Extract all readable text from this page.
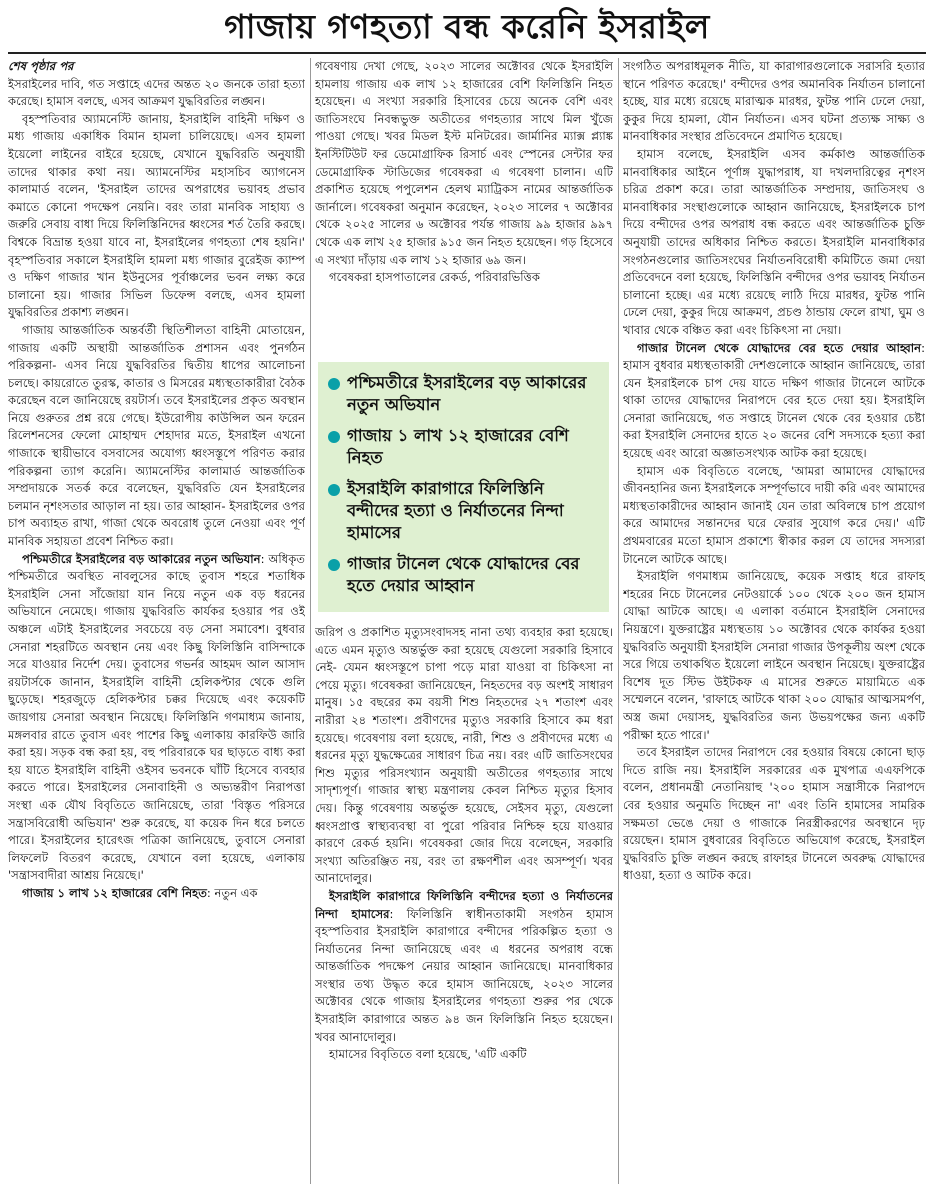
গাজায় গণহত্যা বন্ধ করেনি ইসরাইল

শেষ পৃষ্ঠার পর

ইসরাইলের দাবি, গত সপ্তাহে এদের অন্তত ২০ জনকে তারা হত্যা করেছে। হামাস বলছে, এসব আক্রমণ যুদ্ধবিরতির লঙ্ঘন।

বৃহস্পতিবার অ্যামনেস্টি জানায়, ইসরাইলি বাহিনী দক্ষিণ ও মধ্য গাজায় একাধিক বিমান হামলা চালিয়েছে। এসব হামলা ইয়েলো লাইনের বাইরে হয়েছে, যেখানে যুদ্ধবিরতি অনুযায়ী তাদের থাকার কথা নয়। অ্যামনেস্টির মহাসচিব অ্যাগনেস কালামার্ড বলেন, 'ইসরাইল তাদের অপরাধের ভয়াবহ প্রভাব কমাতে কোনো পদক্ষেপ নেয়নি। বরং তারা মানবিক সাহায্য ও জরুরি সেবায় বাধা দিয়ে ফিলিস্তিনিদের ধ্বংসের শর্ত তৈরি করছে। বিশ্বকে বিভ্রান্ত হওয়া যাবে না, ইসরাইলের গণহত্যা শেষ হয়নি।' বৃহস্পতিবার সকালে ইসরাইলি হামলা মধ্য গাজার বুরেইজ ক্যাম্প ও দক্ষিণ গাজার খান ইউনুসের পূর্বাঞ্চলের ভবন লক্ষ্য করে চালানো হয়। গাজার সিভিল ডিফেন্স বলছে, এসব হামলা যুদ্ধবিরতির প্রকাশ্য লঙ্ঘন।

গাজায় আন্তর্জাতিক অন্তর্বর্তী স্থিতিশীলতা বাহিনী মোতায়েন, গাজায় একটি অস্থায়ী আন্তর্জাতিক প্রশাসন এবং পুনর্গঠন পরিকল্পনা- এসব নিয়ে যুদ্ধবিরতির দ্বিতীয় ধাপের আলোচনা চলছে। কায়রোতে তুরস্ক, কাতার ও মিসরের মধ্যস্থতাকারীরা বৈঠক করেছেন বলে জানিয়েছে রয়টার্স। তবে ইসরাইলের প্রকৃত অবস্থান নিয়ে গুরুতর প্রশ্ন রয়ে গেছে। ইউরোপীয় কাউন্সিল অন ফরেন রিলেশনসের ফেলো মোহাম্মদ শেহাদার মতে, ইসরাইল এখনো গাজাকে স্থায়ীভাবে বসবাসের অযোগ্য ধ্বংসস্তূপে পরিণত করার পরিকল্পনা ত্যাগ করেনি। অ্যামনেস্টির কালামার্ড আন্তর্জাতিক সম্প্রদায়কে সতর্ক করে বলেছেন, যুদ্ধবিরতি যেন ইসরাইলের চলমান নৃশংসতার আড়াল না হয়। তার আহ্বান- ইসরাইলের ওপর চাপ অব্যাহত রাখা, গাজা থেকে অবরোধ তুলে নেওয়া এবং পূর্ণ মানবিক সহায়তা প্রবেশ নিশ্চিত করা।

পশ্চিমতীরে ইসরাইলের বড় আকারের নতুন অভিযান: অধিকৃত পশ্চিমতীরে অবস্থিত নাবলুসের কাছে তুবাস শহরে শতাধিক ইসরাইলি সেনা সাঁজোয়া যান নিয়ে নতুন এক বড় ধরনের অভিযানে নেমেছে। গাজায় যুদ্ধবিরতি কার্যকর হওয়ার পর ওই অঞ্চলে এটাই ইসরাইলের সবচেয়ে বড় সেনা সমাবেশ। বুধবার সেনারা শহরটিতে অবস্থান নেয় এবং কিছু ফিলিস্তিনি বাসিন্দাকে সরে যাওয়ার নির্দেশ দেয়। তুবাসের গভর্নর আহমদ আল আসাদ রয়টার্সকে জানান, ইসরাইলি বাহিনী হেলিকপ্টার থেকে গুলি ছুড়েছে। শহরজুড়ে হেলিকপ্টার চক্কর দিয়েছে এবং কয়েকটি জায়গায় সেনারা অবস্থান নিয়েছে। ফিলিস্তিনি গণমাধ্যম জানায়, মঙ্গলবার রাতে তুবাস এবং পাশের কিছু এলাকায় কারফিউ জারি করা হয়। সড়ক বন্ধ করা হয়, বহু পরিবারকে ঘর ছাড়তে বাধ্য করা হয় যাতে ইসরাইলি বাহিনী ওইসব ভবনকে ঘাঁটি হিসেবে ব্যবহার করতে পারে। ইসরাইলের সেনাবাহিনী ও অভ্যন্তরীণ নিরাপত্তা সংস্থা এক যৌথ বিবৃতিতে জানিয়েছে, তারা 'বিস্তৃত পরিসরে সন্ত্রাসবিরোধী অভিযান' শুরু করেছে, যা কয়েক দিন ধরে চলতে পারে। ইসরাইলের হারেৎজ পত্রিকা জানিয়েছে, তুবাসে সেনারা লিফলেট বিতরণ করেছে, যেখানে বলা হয়েছে, এলাকায় 'সন্ত্রাসবাদীরা আশ্রয় নিয়েছে।'

গাজায় ১ লাখ ১২ হাজারের বেশি নিহত: নতুন এক

গবেষণায় দেখা গেছে, ২০২৩ সালের অক্টোবর থেকে ইসরাইলি হামলায় গাজায় এক লাখ ১২ হাজারের বেশি ফিলিস্তিনি নিহত হয়েছেন। এ সংখ্যা সরকারি হিসাবের চেয়ে অনেক বেশি এবং জাতিসংঘে নিবন্ধভুক্ত অতীতের গণহত্যার সাথে মিল খুঁজে পাওয়া গেছে। খবর মিডল ইস্ট মনিটরের। জার্মানির ম্যাক্স প্ল্যাঙ্ক ইনস্টিটিউট ফর ডেমোগ্রাফিক রিসার্চ এবং স্পেনের সেন্টার ফর ডেমোগ্রাফিক স্টাডিজের গবেষকরা এ গবেষণা চালান। এটি প্রকাশিত হয়েছে পপুলেশন হেলথ ম্যাট্রিকস নামের আন্তর্জাতিক জার্নালে। গবেষকরা অনুমান করেছেন, ২০২৩ সালের ৭ অক্টোবর থেকে ২০২৫ সালের ৬ অক্টোবর পর্যন্ত গাজায় ৯৯ হাজার ৯৯৭ থেকে এক লাখ ২৫ হাজার ৯১৫ জন নিহত হয়েছেন। গড় হিসেবে এ সংখ্যা দাঁড়ায় এক লাখ ১২ হাজার ৬৯ জন।

গবেষকরা হাসপাতালের রেকর্ড, পরিবারভিত্তিক

পশ্চিমতীরে ইসরাইলের বড় আকারের নতুন অভিযান
গাজায় ১ লাখ ১২ হাজারের বেশি নিহত
ইসরাইলি কারাগারে ফিলিস্তিনি বন্দীদের হত্যা ও নির্যাতনের নিন্দা হামাসের
গাজার টানেল থেকে যোদ্ধাদের বের হতে দেয়ার আহ্বান

জরিপ ও প্রকাশিত মৃত্যুসংবাদসহ নানা তথ্য ব্যবহার করা হয়েছে। এতে এমন মৃত্যুও অন্তর্ভুক্ত করা হয়েছে যেগুলো সরকারি হিসাবে নেই- যেমন ধ্বংসস্তূপে চাপা পড়ে মারা যাওয়া বা চিকিৎসা না পেয়ে মৃত্যু। গবেষকরা জানিয়েছেন, নিহতদের বড় অংশই সাধারণ মানুষ। ১৫ বছরের কম বয়সী শিশু নিহতদের ২৭ শতাংশ এবং নারীরা ২৪ শতাংশ। প্রবীণদের মৃত্যুও সরকারি হিসাবে কম ধরা হয়েছে। গবেষণায় বলা হয়েছে, নারী, শিশু ও প্রবীণদের মধ্যে এ ধরনের মৃত্যু যুদ্ধক্ষেত্রের সাধারণ চিত্র নয়। বরং এটি জাতিসংঘের শিশু মৃত্যুর পরিসংখ্যান অনুযায়ী অতীতের গণহত্যার সাথে সাদৃশ্যপূর্ণ। গাজার স্বাস্থ্য মন্ত্রণালয় কেবল নিশ্চিত মৃত্যুর হিসাব দেয়। কিন্তু গবেষণায় অন্তর্ভুক্ত হয়েছে, সেইসব মৃত্যু, যেগুলো ধ্বংসপ্রাপ্ত স্বাস্থ্যব্যবস্থা বা পুরো পরিবার নিশ্চিহ্ন হয়ে যাওয়ার কারণে রেকর্ড হয়নি। গবেষকরা জোর দিয়ে বলেছেন, সরকারি সংখ্যা অতিরঞ্জিত নয়, বরং তা রক্ষণশীল এবং অসম্পূর্ণ। খবর আনাদোলুর।

ইসরাইলি কারাগারে ফিলিস্তিনি বন্দীদের হত্যা ও নির্যাতনের নিন্দা হামাসের: ফিলিস্তিনি স্বাধীনতাকামী সংগঠন হামাস বৃহস্পতিবার ইসরাইলি কারাগারে বন্দীদের পরিকল্পিত হত্যা ও নির্যাতনের নিন্দা জানিয়েছে এবং এ ধরনের অপরাধ বন্ধে আন্তর্জাতিক পদক্ষেপ নেয়ার আহ্বান জানিয়েছে। মানবাধিকার সংস্থার তথ্য উদ্ধৃত করে হামাস জানিয়েছে, ২০২৩ সালের অক্টোবর থেকে গাজায় ইসরাইলের গণহত্যা শুরুর পর থেকে ইসরাইলি কারাগারে অন্তত ৯৪ জন ফিলিস্তিনি নিহত হয়েছেন। খবর আনাদোলুর।

হামাসের বিবৃতিতে বলা হয়েছে, 'এটি একটি

সংগঠিত অপরাধমূলক নীতি, যা কারাগারগুলোকে সরাসরি হত্যার স্থানে পরিণত করেছে।' বন্দীদের ওপর অমানবিক নির্যাতন চালানো হচ্ছে, যার মধ্যে রয়েছে মারাত্মক মারধর, ফুটন্ত পানি ঢেলে দেয়া, কুকুর দিয়ে হামলা, যৌন নির্যাতন। এসব ঘটনা প্রত্যক্ষ সাক্ষ্য ও মানবাধিকার সংস্থার প্রতিবেদনে প্রমাণিত হয়েছে।

হামাস বলেছে, ইসরাইলি এসব কর্মকাণ্ড আন্তর্জাতিক মানবাধিকার আইনে পূর্ণাঙ্গ যুদ্ধাপরাধ, যা দখলদারিত্বের নৃশংস চরিত্র প্রকাশ করে। তারা আন্তর্জাতিক সম্প্রদায়, জাতিসংঘ ও মানবাধিকার সংস্থাগুলোকে আহ্বান জানিয়েছে, ইসরাইলকে চাপ দিয়ে বন্দীদের ওপর অপরাধ বন্ধ করতে এবং আন্তর্জাতিক চুক্তি অনুযায়ী তাদের অধিকার নিশ্চিত করতে। ইসরাইলি মানবাধিকার সংগঠনগুলোর জাতিসংঘের নির্যাতনবিরোধী কমিটিতে জমা দেয়া প্রতিবেদনে বলা হয়েছে, ফিলিস্তিনি বন্দীদের ওপর ভয়াবহ নির্যাতন চালানো হচ্ছে। এর মধ্যে রয়েছে লাঠি দিয়ে মারধর, ফুটন্ত পানি ঢেলে দেয়া, কুকুর দিয়ে আক্রমণ, প্রচণ্ড ঠান্ডায় ফেলে রাখা, ঘুম ও খাবার থেকে বঞ্চিত করা এবং চিকিৎসা না দেয়া।

গাজার টানেল থেকে যোদ্ধাদের বের হতে দেয়ার আহ্বান: হামাস বুধবার মধ্যস্থতাকারী দেশগুলোকে আহ্বান জানিয়েছে, তারা যেন ইসরাইলকে চাপ দেয় যাতে দক্ষিণ গাজার টানেলে আটকে থাকা তাদের যোদ্ধাদের নিরাপদে বের হতে দেয়া হয়। ইসরাইলি সেনারা জানিয়েছে, গত সপ্তাহে টানেল থেকে বের হওয়ার চেষ্টা করা ইসরাইলি সেনাদের হাতে ২০ জনের বেশি সদস্যকে হত্যা করা হয়েছে এবং আরো অজ্ঞাতসংখ্যক আটক করা হয়েছে।

হামাস এক বিবৃতিতে বলেছে, 'আমরা আমাদের যোদ্ধাদের জীবনহানির জন্য ইসরাইলকে সম্পূর্ণভাবে দায়ী করি এবং আমাদের মধ্যস্থতাকারীদের আহ্বান জানাই যেন তারা অবিলম্বে চাপ প্রয়োগ করে আমাদের সন্তানদের ঘরে ফেরার সুযোগ করে দেয়।' এটি প্রথমবারের মতো হামাস প্রকাশ্যে স্বীকার করল যে তাদের সদস্যরা টানেলে আটকে আছে।

ইসরাইলি গণমাধ্যম জানিয়েছে, কয়েক সপ্তাহ ধরে রাফাহ শহরের নিচে টানেলের নেটওয়ার্কে ১০০ থেকে ২০০ জন হামাস যোদ্ধা আটকে আছে। এ এলাকা বর্তমানে ইসরাইলি সেনাদের নিয়ন্ত্রণে। যুক্তরাষ্ট্রের মধ্যস্থতায় ১০ অক্টোবর থেকে কার্যকর হওয়া যুদ্ধবিরতি অনুযায়ী ইসরাইলি সেনারা গাজার উপকূলীয় অংশ থেকে সরে গিয়ে তথাকথিত ইয়েলো লাইনে অবস্থান নিয়েছে। যুক্তরাষ্ট্রের বিশেষ দূত স্টিভ উইটকফ এ মাসের শুরুতে মায়ামিতে এক সম্মেলনে বলেন, 'রাফাহে আটকে থাকা ২০০ যোদ্ধার আত্মসমর্পণ, অস্ত্র জমা দেয়াসহ, যুদ্ধবিরতির জন্য উভয়পক্ষের জন্য একটি পরীক্ষা হতে পারে।'

তবে ইসরাইল তাদের নিরাপদে বের হওয়ার বিষয়ে কোনো ছাড় দিতে রাজি নয়। ইসরাইলি সরকারের এক মুখপাত্র এএফপিকে বলেন, প্রধানমন্ত্রী নেতানিয়াহু '২০০ হামাস সন্ত্রাসীকে নিরাপদে বের হওয়ার অনুমতি দিচ্ছেন না' এবং তিনি হামাসের সামরিক সক্ষমতা ভেঙে দেয়া ও গাজাকে নিরস্ত্রীকরণের অবস্থানে দৃঢ় রয়েছেন। হামাস বুধবারের বিবৃতিতে অভিযোগ করেছে, ইসরাইল যুদ্ধবিরতি চুক্তি লঙ্ঘন করছে রাফাহর টানেলে অবরুদ্ধ যোদ্ধাদের ধাওয়া, হত্যা ও আটক করে।
